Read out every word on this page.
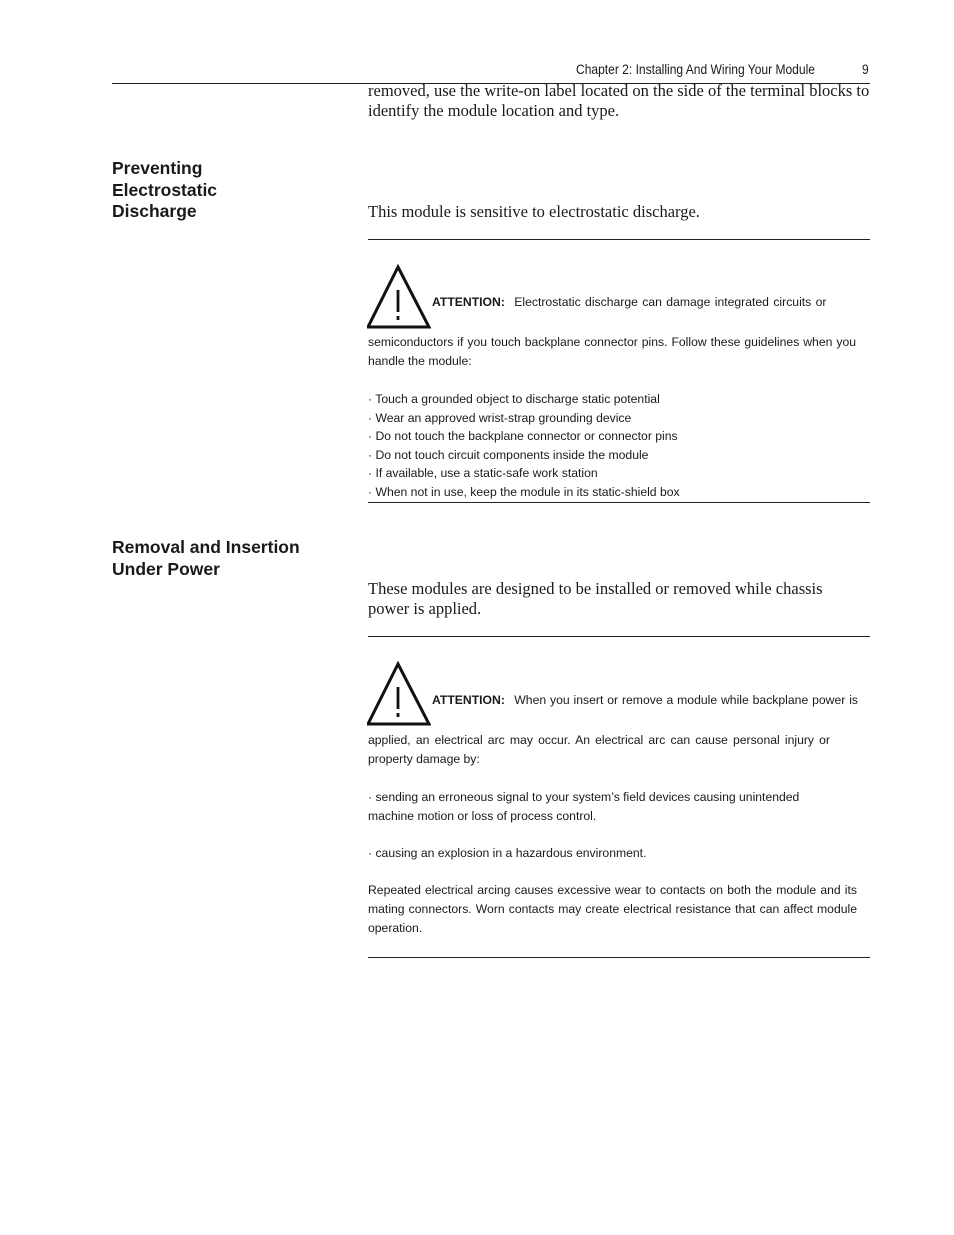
Chapter 2: Installing And Wiring Your Module	9
removed, use the write-on label located on the side of the terminal blocks to identify the module location and type.
Preventing
Electrostatic
Discharge	This module is sensitive to electrostatic discharge.
ATTENTION: Electrostatic discharge can damage integrated circuits or
semiconductors if you touch backplane connector pins. Follow these guidelines when you handle the module:
· Touch a grounded object to discharge static potential
· Wear an approved wrist-strap grounding device
· Do not touch the backplane connector or connector pins
· Do not touch circuit components inside the module
· If available, use a static-safe work station
· When not in use, keep the module in its static-shield box
Removal and Insertion
Under Power
These modules are designed to be installed or removed while chassis power is applied.
ATTENTION: When you insert or remove a module while backplane power is
applied, an electrical arc may occur. An electrical arc can cause personal injury or property damage by:
· sending an erroneous signal to your system’s field devices causing unintended machine motion or loss of process control.
· causing an explosion in a hazardous environment.
Repeated electrical arcing causes excessive wear to contacts on both the module and its mating connectors. Worn contacts may create electrical resistance that can affect module operation.
